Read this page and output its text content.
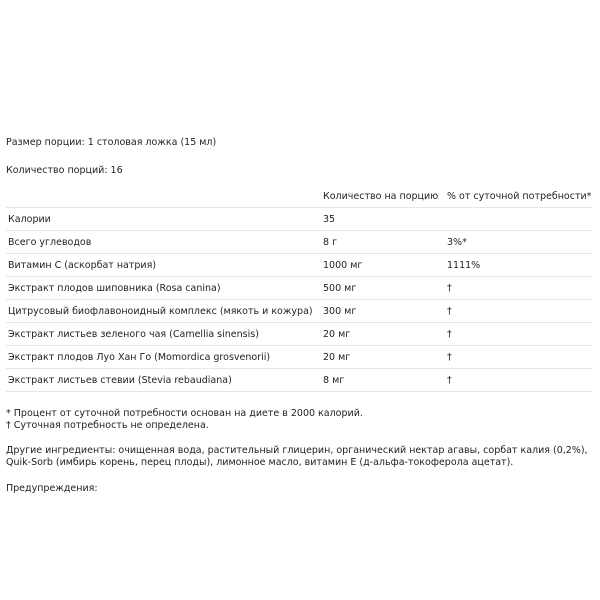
Размер порции: 1 столовая ложка (15 мл)
Количество порций: 16
	Количество на порцию	% от суточной потребности*
Калории	35	
Всего углеводов	8 г	3%*
Витамин C (аскорбат натрия)	1000 мг	1111%
Экстракт плодов шиповника (Rosa canina)	500 мг	†
Цитрусовый биофлавоноидный комплекс (мякоть и кожура)	300 мг	†
Экстракт листьев зеленого чая (Camellia sinensis)	20 мг	†
Экстракт плодов Луо Хан Го (Momordica grosvenorii)	20 мг	†
Экстракт листьев стевии (Stevia rebaudiana)	8 мг	†
* Процент от суточной потребности основан на диете в 2000 калорий.
† Суточная потребность не определена.
Другие ингредиенты: очищенная вода, растительный глицерин, органический нектар агавы, сорбат калия (0,2%), Quik-Sorb (имбирь корень, перец плоды), лимонное масло, витамин E (д-альфа-токоферола ацетат).
Предупреждения:
